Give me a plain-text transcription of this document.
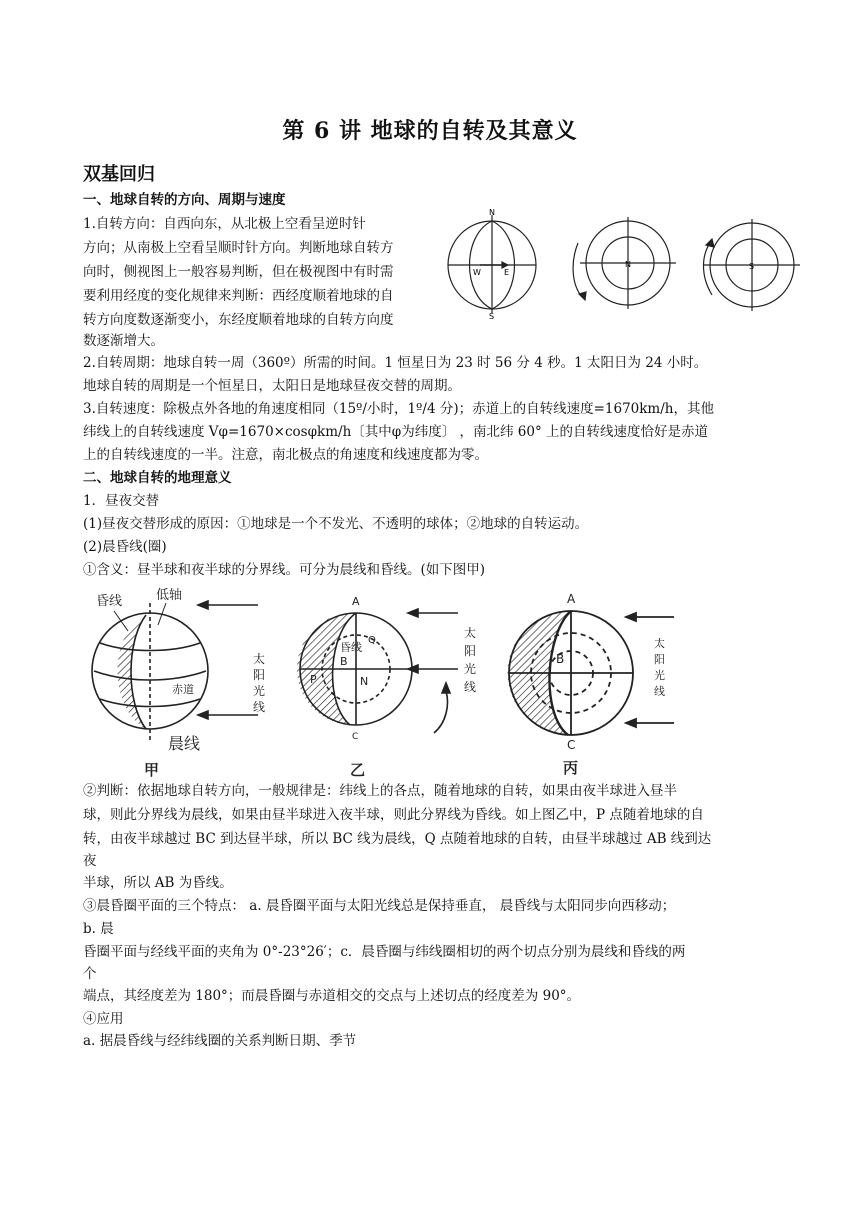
第 6 讲 地球的自转及其意义
双基回归
一、地球自转的方向、周期与速度
1.自转方向：自西向东，从北极上空看呈逆时针
方向；从南极上空看呈顺时针方向。判断地球自转方
向时，侧视图上一般容易判断，但在极视图中有时需
要利用经度的变化规律来判断：西经度顺着地球的自
转方向度数逐渐变小，东经度顺着地球的自转方向度
数逐渐增大。
2.自转周期：地球自转一周（360º）所需的时间。1 恒星日为 23 时 56 分 4 秒。1 太阳日为 24 小时。
地球自转的周期是一个恒星日，太阳日是地球昼夜交替的周期。
3.自转速度：除极点外各地的角速度相同（15º/小时，1º/4 分)；赤道上的自转线速度=1670km/h，其他
纬线上的自转线速度 Vφ=1670×cosφkm/h〔其中φ为纬度〕 ，南北纬 60° 上的自转线速度恰好是赤道
上的自转线速度的一半。注意，南北极点的角速度和线速度都为零。
二、地球自转的地理意义
1．昼夜交替
(1)昼夜交替形成的原因：①地球是一个不发光、不透明的球体；②地球的自转运动。
(2)晨昏线(圈)
①含义：昼半球和夜半球的分界线。可分为晨线和昏线。(如下图甲)
②判断：依据地球自转方向，一般规律是：纬线上的各点，随着地球的自转，如果由夜半球进入昼半
球，则此分界线为晨线，如果由昼半球进入夜半球，则此分界线为昏线。如上图乙中，P 点随着地球的自
转，由夜半球越过 BC 到达昼半球，所以 BC 线为晨线，Q 点随着地球的自转，由昼半球越过 AB 线到达
夜
半球，所以 AB 为昏线。
③晨昏圈平面的三个特点： a. 晨昏圈平面与太阳光线总是保持垂直， 晨昏线与太阳同步向西移动；
b. 晨
昏圈平面与经线平面的夹角为 0°-23°26′；c．晨昏圈与纬线圈相切的两个切点分别为晨线和昏线的两
个
端点，其经度差为 180°；而晨昏圈与赤道相交的交点与上述切点的经度差为 90°。
④应用
a. 据晨昏线与经纬线圈的关系判断日期、季节
N
S
W	E
N	S
昏线	低轴
赤道
晨线
甲
太
阳
光
线
A
昏线
Q
B
N
P
C
乙
太
阳
光
线
A
B
C
丙
太
阳
光
线
